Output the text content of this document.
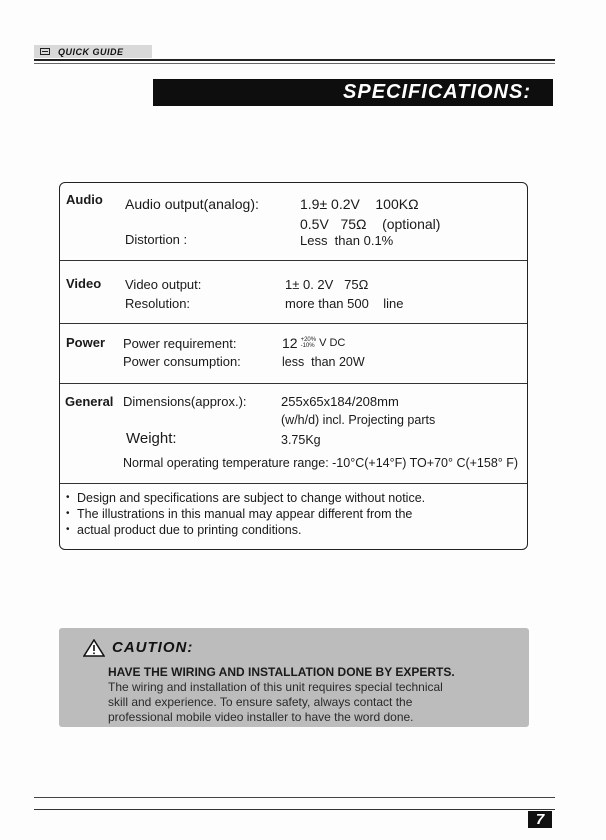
QUICK GUIDE
SPECIFICATIONS:
Audio Audio output(analog):	1.9± 0.2V    100KΩ
0.5V   75Ω    (optional)
Distortion :	Less  than 0.1%
Video Video output:	1± 0. 2V   75Ω
Resolution:	more than 500    line
Power Power requirement:	12 +20%
-10% V DC
Power consumption:	less  than 20W
General Dimensions(approx.):	255x65x184/208mm
(w/h/d) incl. Projecting parts
Weight:	3.75Kg
Normal operating temperature range: -10°C(+14°F) TO+70° C(+158° F)
• Design and specifications are subject to change without notice.
• The illustrations in this manual may appear different from the
• actual product due to printing conditions.
CAUTION:
HAVE THE WIRING AND INSTALLATION DONE BY EXPERTS.
The wiring and installation of this unit requires special technical
skill and experience. To ensure safety, always contact the
professional mobile video installer to have the word done.
7
